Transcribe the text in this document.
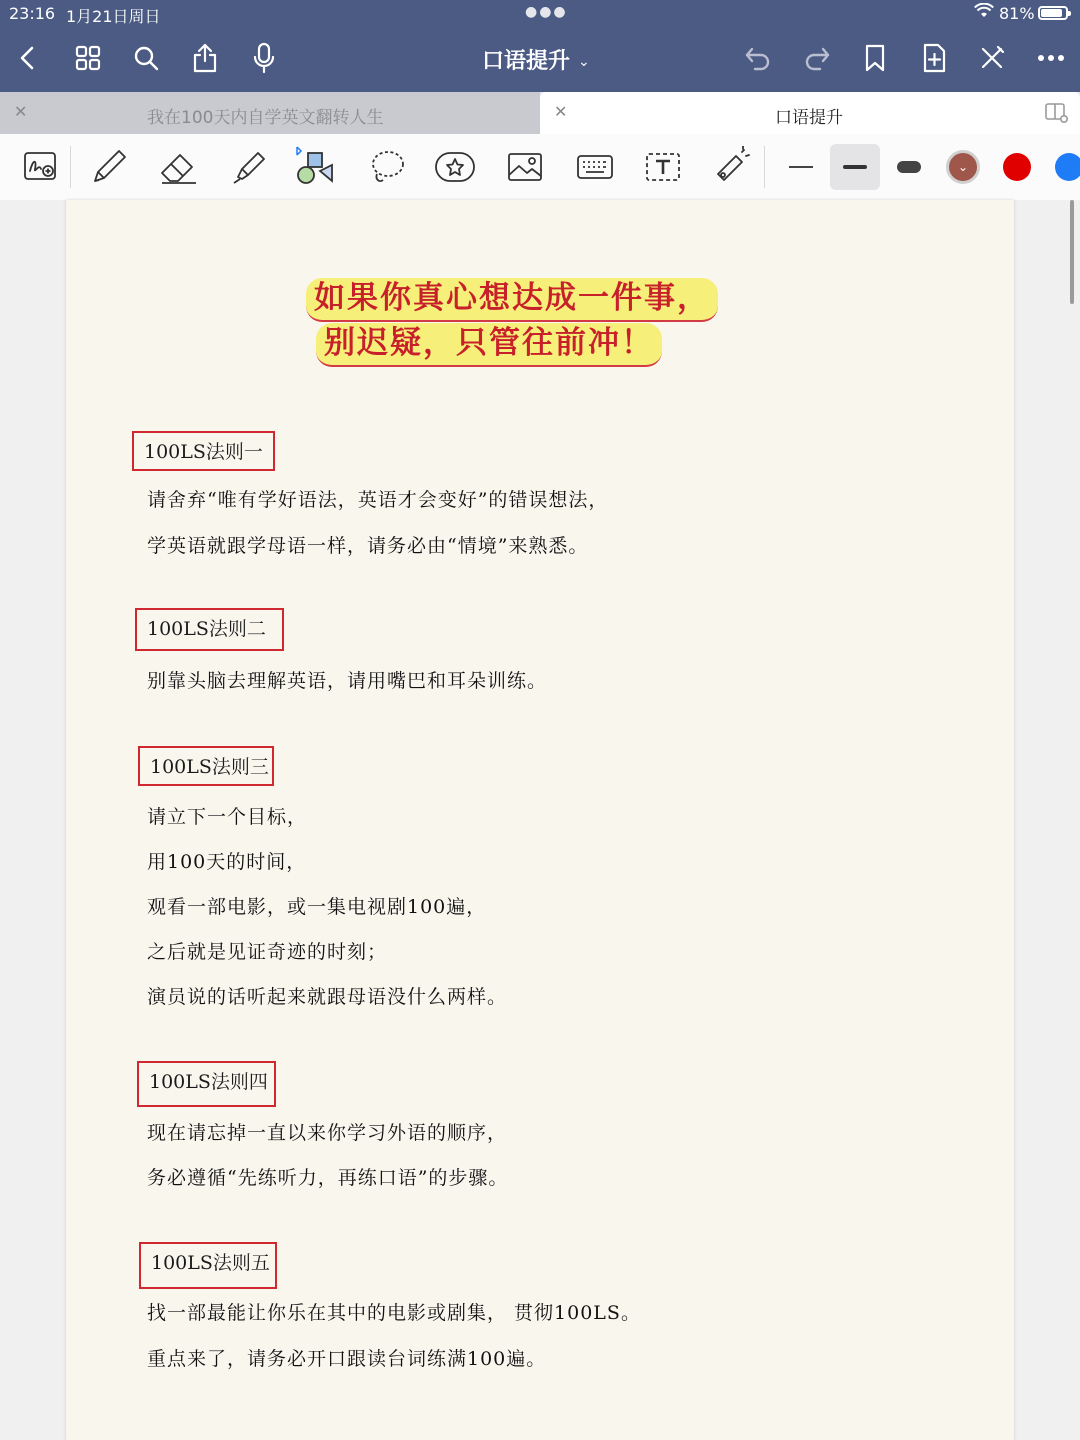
23:16 1月21日周日	●●●	81%
口语提升 ⌄
✕	我在100天内自学英文翻转人生	✕	口语提升
⌄
如果你真心想达成一件事，
别迟疑，只管往前冲！
100LS法则一
请舍弃“唯有学好语法，英语才会变好”的错误想法，
学英语就跟学母语一样，请务必由“情境”来熟悉。
100LS法则二
别靠头脑去理解英语，请用嘴巴和耳朵训练。
100LS法则三
请立下一个目标，
用100天的时间，
观看一部电影，或一集电视剧100遍，
之后就是见证奇迹的时刻；
演员说的话听起来就跟母语没什么两样。
100LS法则四
现在请忘掉一直以来你学习外语的顺序，
务必遵循“先练听力，再练口语”的步骤。
100LS法则五
找一部最能让你乐在其中的电影或剧集， 贯彻100LS。
重点来了，请务必开口跟读台词练满100遍。
